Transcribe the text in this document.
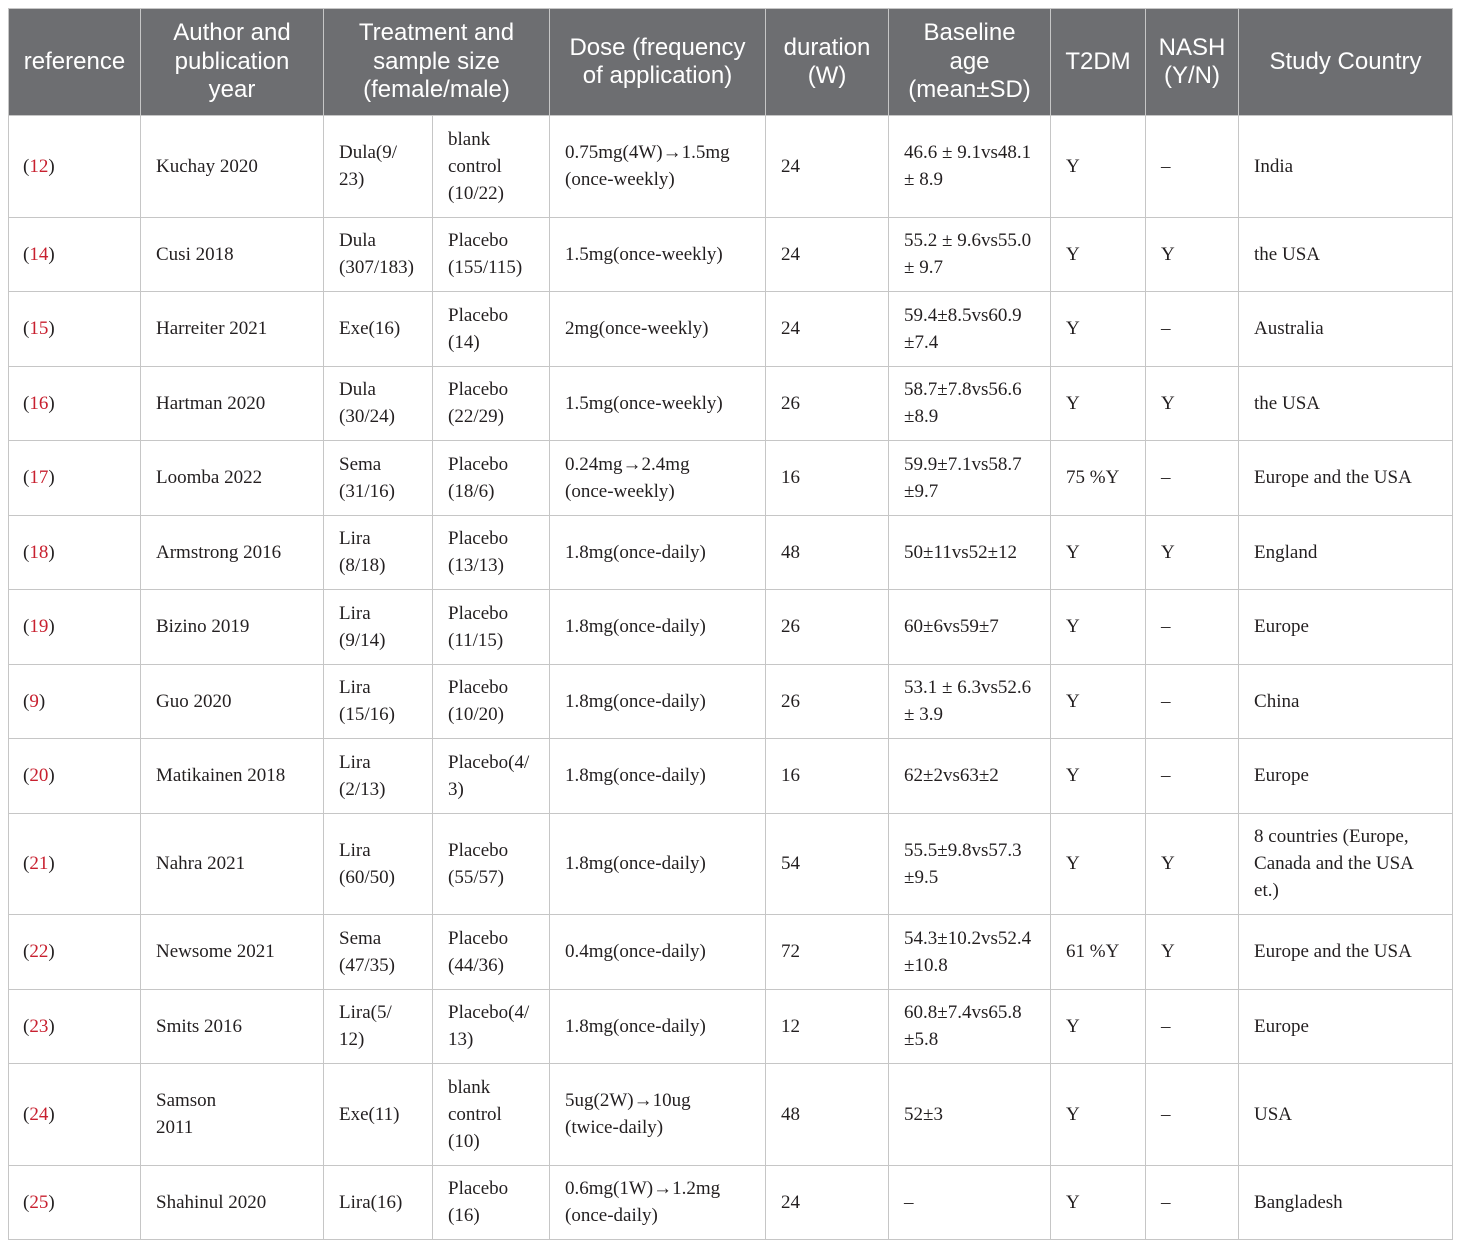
reference	Author and
publication
year	Treatment and
sample size
(female/male)		Dose (frequency
of application)	duration
(W)	Baseline
age
(mean±SD)	T2DM	NASH
(Y/N)	Study Country
( 12 )	Kuchay 2020	Dula(9/
23)	blank
control
(10/22)	0.75mg(4W)→1.5mg
(once-weekly)	24	46.6 ± 9.1vs48.1
± 8.9	Y	–	India
( 14 )	Cusi 2018	Dula
(307/183)	Placebo
(155/115)	1.5mg(once-weekly)	24	55.2 ± 9.6vs55.0
± 9.7	Y	Y	the USA
( 15 )	Harreiter 2021	Exe(16)	Placebo
(14)	2mg(once-weekly)	24	59.4±8.5vs60.9
±7.4	Y	–	Australia
( 16 )	Hartman 2020	Dula
(30/24)	Placebo
(22/29)	1.5mg(once-weekly)	26	58.7±7.8vs56.6
±8.9	Y	Y	the USA
( 17 )	Loomba 2022	Sema
(31/16)	Placebo
(18/6)	0.24mg→2.4mg
(once-weekly)	16	59.9±7.1vs58.7
±9.7	75 %Y	–	Europe and the USA
( 18 )	Armstrong 2016	Lira
(8/18)	Placebo
(13/13)	1.8mg(once-daily)	48	50±11vs52±12	Y	Y	England
( 19 )	Bizino 2019	Lira
(9/14)	Placebo
(11/15)	1.8mg(once-daily)	26	60±6vs59±7	Y	–	Europe
( 9 )	Guo 2020	Lira
(15/16)	Placebo
(10/20)	1.8mg(once-daily)	26	53.1 ± 6.3vs52.6
± 3.9	Y	–	China
( 20 )	Matikainen 2018	Lira
(2/13)	Placebo(4/
3)	1.8mg(once-daily)	16	62±2vs63±2	Y	–	Europe
( 21 )	Nahra 2021	Lira
(60/50)	Placebo
(55/57)	1.8mg(once-daily)	54	55.5±9.8vs57.3
±9.5	Y	Y	8 countries (Europe,
Canada and the USA
et.)
( 22 )	Newsome 2021	Sema
(47/35)	Placebo
(44/36)	0.4mg(once-daily)	72	54.3±10.2vs52.4
±10.8	61 %Y	Y	Europe and the USA
( 23 )	Smits 2016	Lira(5/
12)	Placebo(4/
13)	1.8mg(once-daily)	12	60.8±7.4vs65.8
±5.8	Y	–	Europe
( 24 )	Samson
2011	Exe(11)	blank
control
(10)	5ug(2W)→10ug
(twice-daily)	48	52±3	Y	–	USA
( 25 )	Shahinul 2020	Lira(16)	Placebo
(16)	0.6mg(1W)→1.2mg
(once-daily)	24	–	Y	–	Bangladesh
